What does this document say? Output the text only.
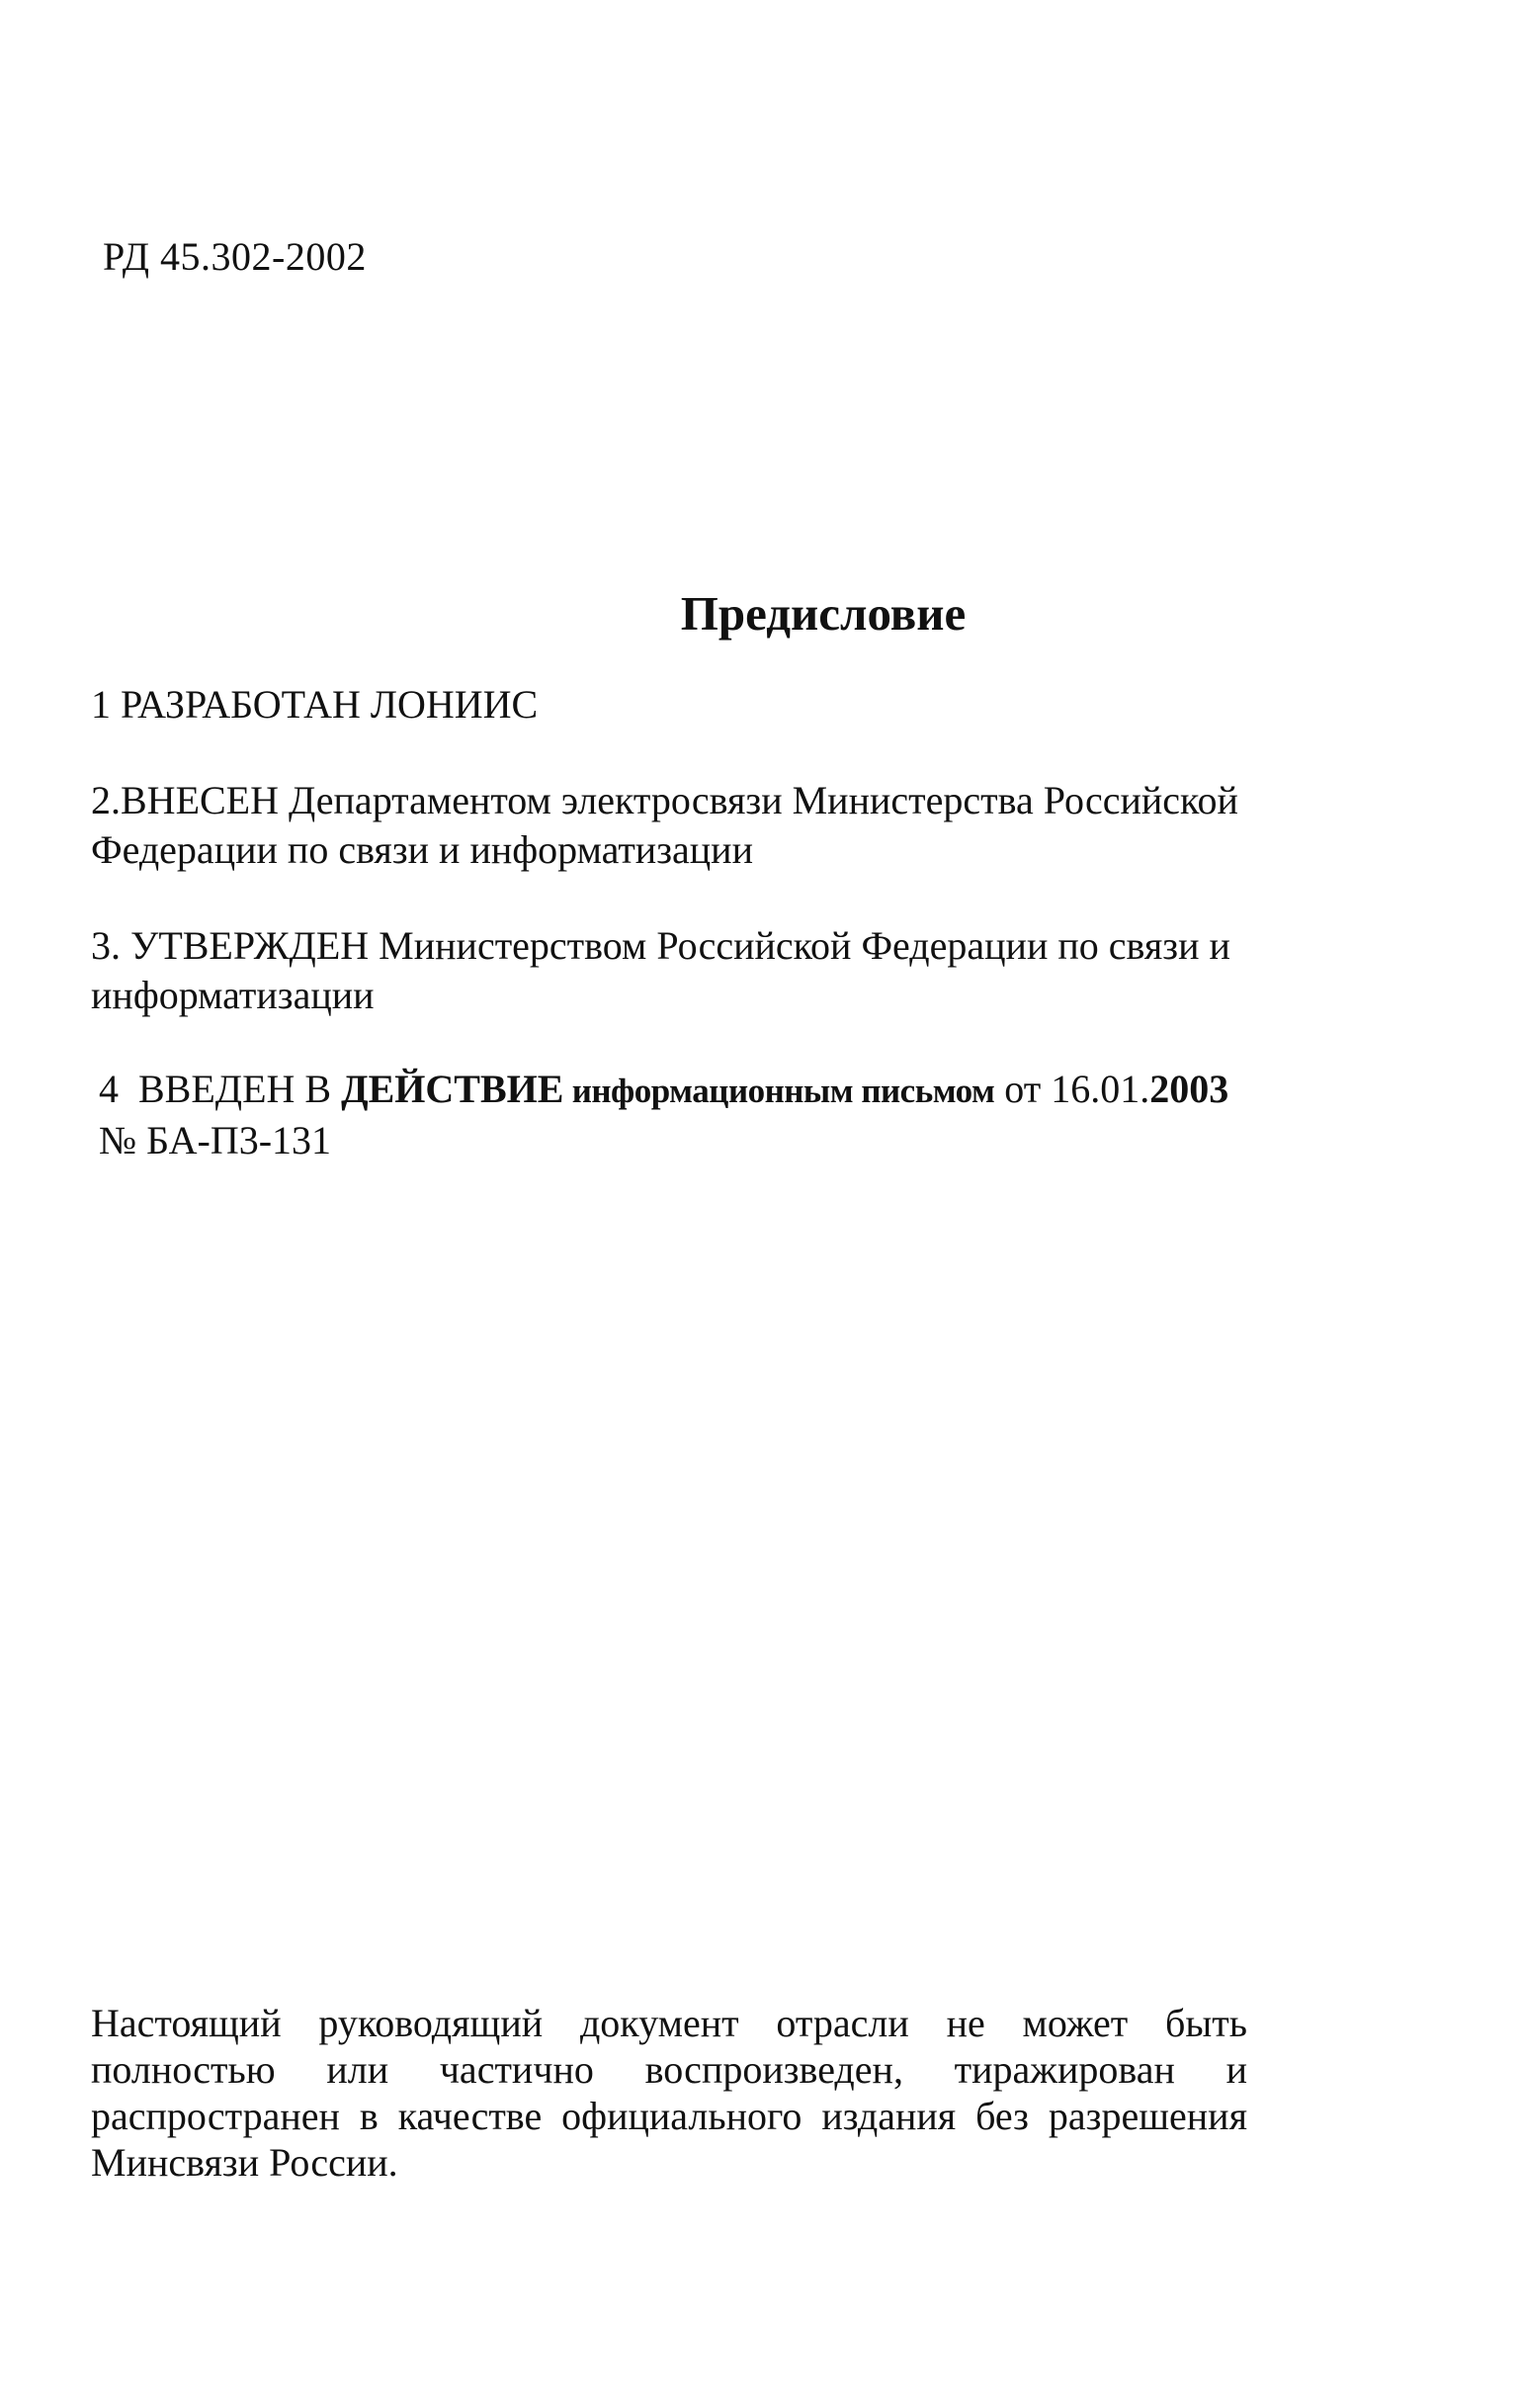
РД 45.302-2002
Предисловие
1 РАЗРАБОТАН ЛОНИИС
2.ВНЕСЕН Департаментом электросвязи Министерства Российской
Федерации по связи и информатизации
3. УТВЕРЖДЕН Министерством Российской Федерации по связи и
информатизации
4  ВВЕДЕН В ДЕЙСТВИЕ информационным письмом от 16.01.2003
№ БА-П3-131
Настоящий руководящий документ отрасли не может быть
полностью или частично воспроизведен, тиражирован и
распространен в качестве официального издания без разрешения
Минсвязи России.
